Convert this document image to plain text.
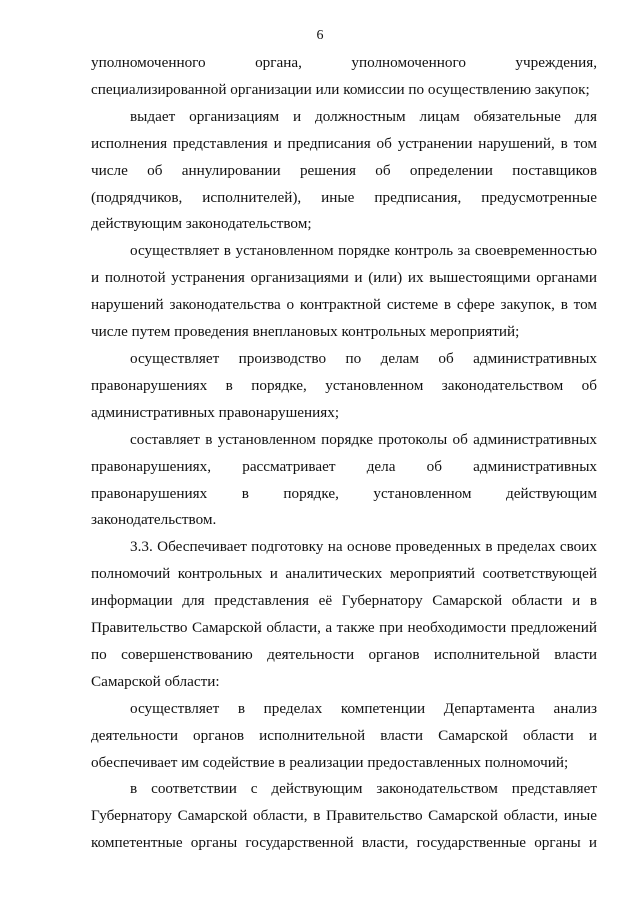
6

уполномоченного органа, уполномоченного учреждения, специализированной организации или комиссии по осуществлению закупок;

выдает организациям и должностным лицам обязательные для исполнения представления и предписания об устранении нарушений, в том числе об аннулировании решения об определении поставщиков (подрядчиков, исполнителей), иные предписания, предусмотренные действующим законодательством;

осуществляет в установленном порядке контроль за своевременностью и полнотой устранения организациями и (или) их вышестоящими органами нарушений законодательства о контрактной системе в сфере закупок, в том числе путем проведения внеплановых контрольных мероприятий;

осуществляет производство по делам об административных правонарушениях в порядке, установленном законодательством об административных правонарушениях;

составляет в установленном порядке протоколы об административных правонарушениях, рассматривает дела об административных правонарушениях в порядке, установленном действующим законодательством.

3.3. Обеспечивает подготовку на основе проведенных в пределах своих полномочий контрольных и аналитических мероприятий соответствующей информации для представления её Губернатору Самарской области и в Правительство Самарской области, а также при необходимости предложений по совершенствованию деятельности органов исполнительной власти Самарской области:

осуществляет в пределах компетенции Департамента анализ деятельности органов исполнительной власти Самарской области и обеспечивает им содействие в реализации предоставленных полномочий;

в соответствии с действующим законодательством представляет Губернатору Самарской области, в Правительство Самарской области, иные компетентные органы государственной власти, государственные органы и
